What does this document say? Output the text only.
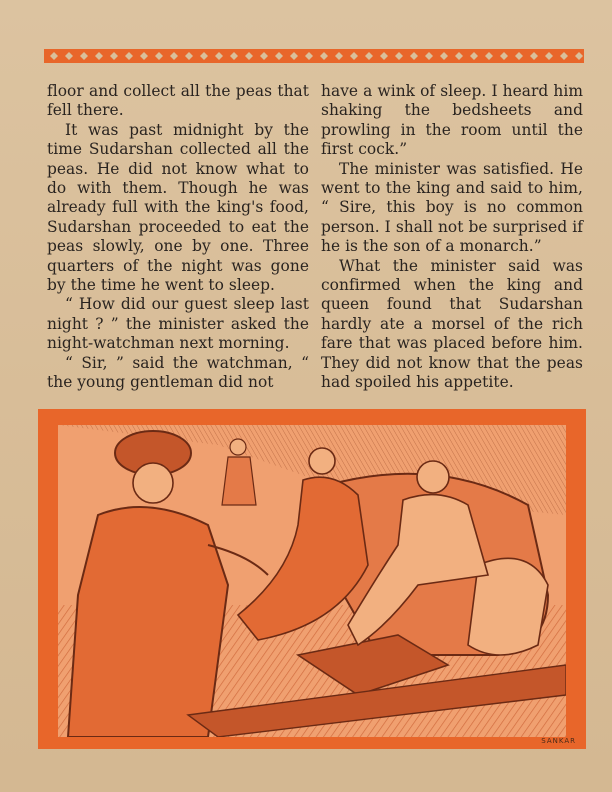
floor and collect all the peas that fell there.

It was past midnight by the time Sudarshan collected all the peas. He did not know what to do with them. Though he was already full with the king's food, Sudarshan proceeded to eat the peas slowly, one by one. Three quarters of the night was gone by the time he went to sleep.

“ How did our guest sleep last night ? ” the minister asked the night-watchman next morning.

“ Sir, ” said the watchman, “ the young gentleman did not

have a wink of sleep. I heard him shaking the bedsheets and prowling in the room until the first cock.”

The minister was satisfied. He went to the king and said to him, “ Sire, this boy is no common person. I shall not be surprised if he is the son of a monarch.”

What the minister said was confirmed when the king and queen found that Sudarshan hardly ate a morsel of the rich fare that was placed before him. They did not know that the peas had spoiled his appetite.

SANKAR
